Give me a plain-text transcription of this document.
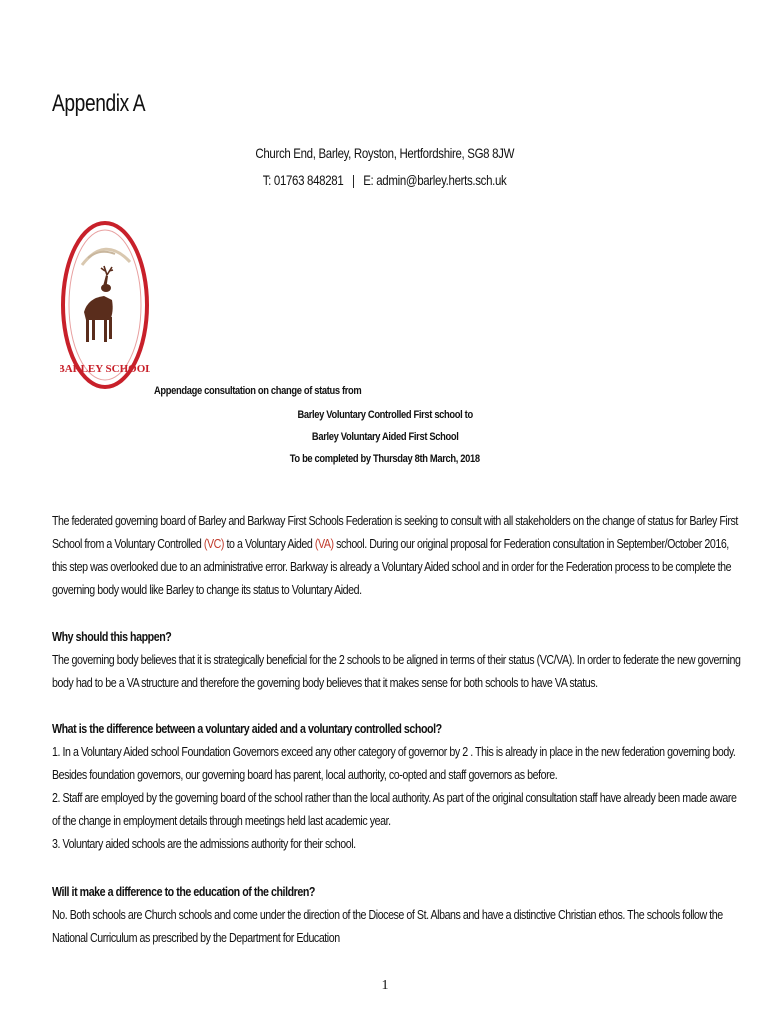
Appendix A
Church End, Barley, Royston, Hertfordshire, SG8 8JW
T: 01763 848281   |   E: admin@barley.herts.sch.uk
BARLEY SCHOOL
Appendage consultation on change of status from
Barley Voluntary Controlled First school to
Barley Voluntary Aided First School
To be completed by Thursday 8th March, 2018
The federated governing board of Barley and Barkway First Schools Federation is seeking to consult with all stakeholders on the change of status for Barley First
School from a Voluntary Controlled (VC) to a Voluntary Aided (VA) school. During our original proposal for Federation consultation in September/October 2016,
this step was overlooked due to an administrative error. Barkway is already a Voluntary Aided school and in order for the Federation process to be complete the
governing body would like Barley to change its status to Voluntary Aided.
Why should this happen?
The governing body believes that it is strategically beneficial for the 2 schools to be aligned in terms of their status (VC/VA). In order to federate the new governing
body had to be a VA structure and therefore the governing body believes that it makes sense for both schools to have VA status.
What is the difference between a voluntary aided and a voluntary controlled school?
1. In a Voluntary Aided school Foundation Governors exceed any other category of governor by 2 . This is already in place in the new federation governing body.
Besides foundation governors, our governing board has parent, local authority, co-opted and staff governors as before.
2. Staff are employed by the governing board of the school rather than the local authority. As part of the original consultation staff have already been made aware
of the change in employment details through meetings held last academic year.
3. Voluntary aided schools are the admissions authority for their school.
Will it make a difference to the education of the children?
No. Both schools are Church schools and come under the direction of the Diocese of St. Albans and have a distinctive Christian ethos. The schools follow the
National Curriculum as prescribed by the Department for Education
1
